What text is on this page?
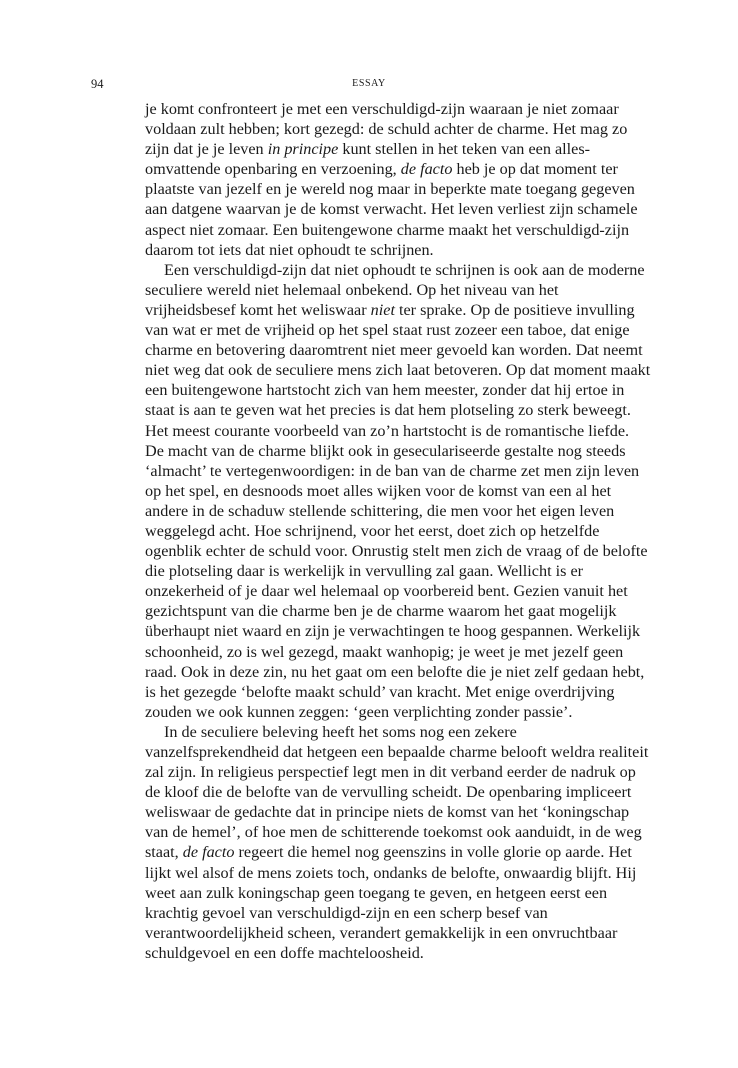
94	ESSAY
je komt confronteert je met een verschuldigd-zijn waaraan je niet zomaar
voldaan zult hebben; kort gezegd: de schuld achter de charme. Het mag zo
zijn dat je je leven in principe kunt stellen in het teken van een alles-
omvattende openbaring en verzoening, de facto heb je op dat moment ter
plaatste van jezelf en je wereld nog maar in beperkte mate toegang gegeven
aan datgene waarvan je de komst verwacht. Het leven verliest zijn schamele
aspect niet zomaar. Een buitengewone charme maakt het verschuldigd-zijn
daarom tot iets dat niet ophoudt te schrijnen.
Een verschuldigd-zijn dat niet ophoudt te schrijnen is ook aan de moderne
seculiere wereld niet helemaal onbekend. Op het niveau van het
vrijheidsbesef komt het weliswaar niet ter sprake. Op de positieve invulling
van wat er met de vrijheid op het spel staat rust zozeer een taboe, dat enige
charme en betovering daaromtrent niet meer gevoeld kan worden. Dat neemt
niet weg dat ook de seculiere mens zich laat betoveren. Op dat moment maakt
een buitengewone hartstocht zich van hem meester, zonder dat hij ertoe in
staat is aan te geven wat het precies is dat hem plotseling zo sterk beweegt.
Het meest courante voorbeeld van zo’n hartstocht is de romantische liefde.
De macht van de charme blijkt ook in geseculariseerde gestalte nog steeds
‘almacht’ te vertegenwoordigen: in de ban van de charme zet men zijn leven
op het spel, en desnoods moet alles wijken voor de komst van een al het
andere in de schaduw stellende schittering, die men voor het eigen leven
weggelegd acht. Hoe schrijnend, voor het eerst, doet zich op hetzelfde
ogenblik echter de schuld voor. Onrustig stelt men zich de vraag of de belofte
die plotseling daar is werkelijk in vervulling zal gaan. Wellicht is er
onzekerheid of je daar wel helemaal op voorbereid bent. Gezien vanuit het
gezichtspunt van die charme ben je de charme waarom het gaat mogelijk
überhaupt niet waard en zijn je verwachtingen te hoog gespannen. Werkelijk
schoonheid, zo is wel gezegd, maakt wanhopig; je weet je met jezelf geen
raad. Ook in deze zin, nu het gaat om een belofte die je niet zelf gedaan hebt,
is het gezegde ‘belofte maakt schuld’ van kracht. Met enige overdrijving
zouden we ook kunnen zeggen: ‘geen verplichting zonder passie’.
In de seculiere beleving heeft het soms nog een zekere
vanzelfsprekendheid dat hetgeen een bepaalde charme belooft weldra realiteit
zal zijn. In religieus perspectief legt men in dit verband eerder de nadruk op
de kloof die de belofte van de vervulling scheidt. De openbaring impliceert
weliswaar de gedachte dat in principe niets de komst van het ‘koningschap
van de hemel’, of hoe men de schitterende toekomst ook aanduidt, in de weg
staat, de facto regeert die hemel nog geenszins in volle glorie op aarde. Het
lijkt wel alsof de mens zoiets toch, ondanks de belofte, onwaardig blijft. Hij
weet aan zulk koningschap geen toegang te geven, en hetgeen eerst een
krachtig gevoel van verschuldigd-zijn en een scherp besef van
verantwoordelijkheid scheen, verandert gemakkelijk in een onvruchtbaar
schuldgevoel en een doffe machteloosheid.
